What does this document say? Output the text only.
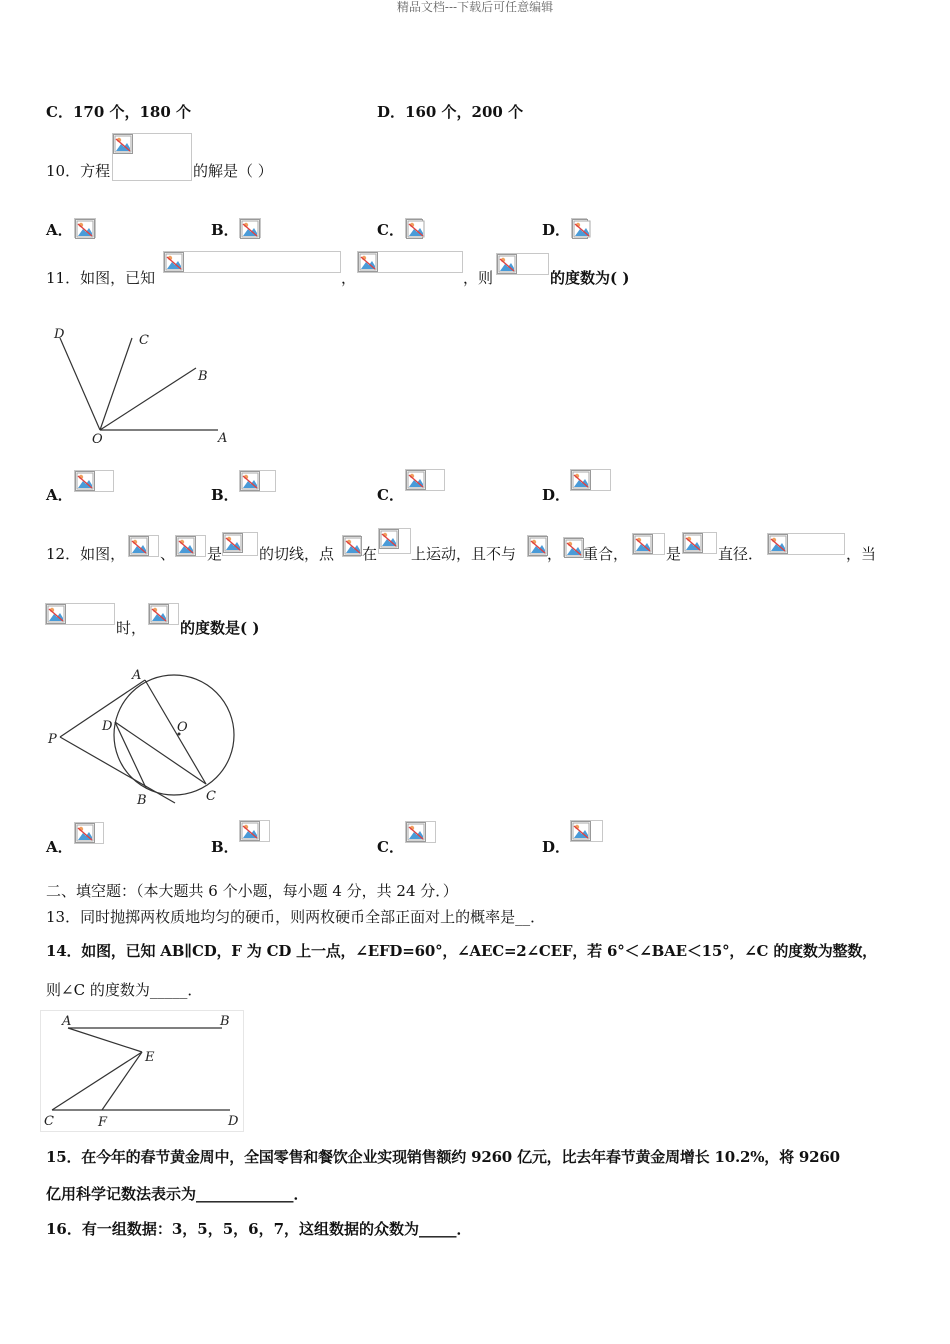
精品文档---下载后可任意编辑
C．170 个，180 个	D．160 个，200 个
10．方程	的解是（ ）
A．	B．	C．	D．
11．如图，已知	，	，则	的度数为( )
D	C
B
O	A
A．	B．	C．	D．
12．如图， 、 是 的切线，点 在 上运动，且不与 ， 重合，	是 直径．	，当
时， 的度数是( )
A
O
D
P
B	C
A．	B．	C．	D．
二、填空题：（本大题共 6 个小题，每小题 4 分，共 24 分．）
13．同时抛掷两枚质地均匀的硬币，则两枚硬币全部正面对上的概率是__．
14．如图，已知 AB∥CD，F 为 CD 上一点，∠EFD=60°，∠AEC=2∠CEF，若 6°＜∠BAE＜15°，∠C 的度数为整数，
则∠C 的度数为_____．
A	B
E
C	F	D
15．在今年的春节黄金周中，全国零售和餐饮企业实现销售额约 9260 亿元，比去年春节黄金周增长 10.2%，将 9260
亿用科学记数法表示为_____________．
16．有一组数据：3，5，5，6，7，这组数据的众数为_____．
